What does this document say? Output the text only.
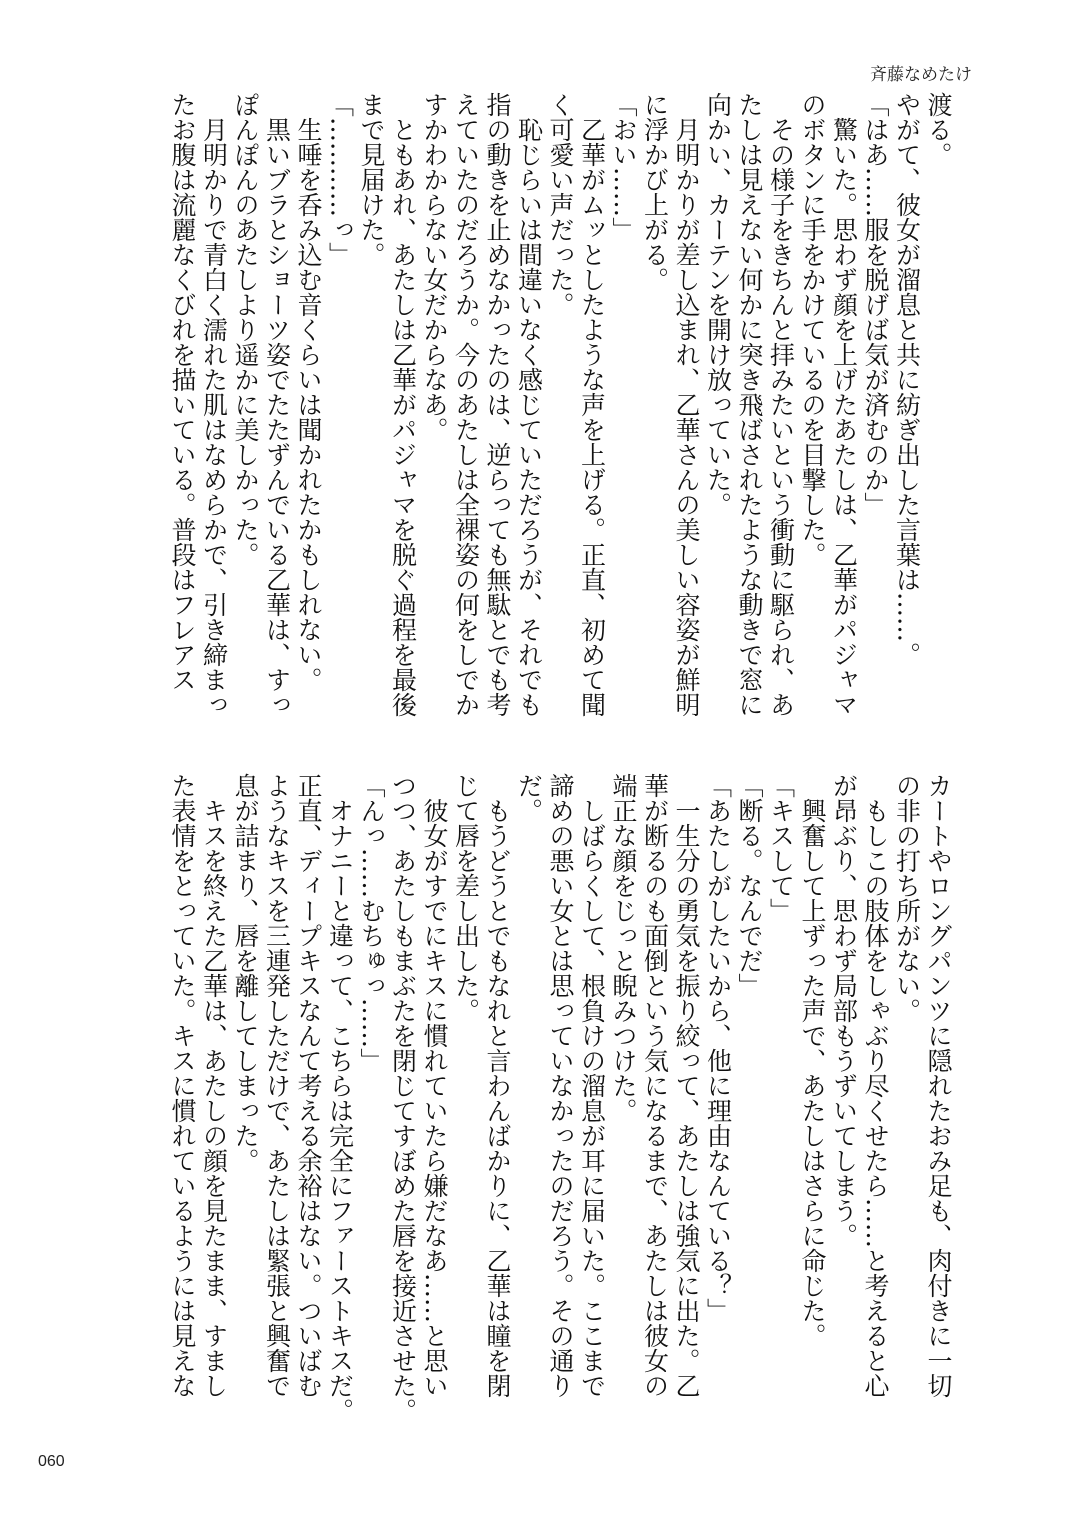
斉藤なめたけ
渡る。
やがて、彼女が溜息と共に紡ぎ出した言葉は……。
「はあ……服を脱げば気が済むのか」
　驚いた。思わず顔を上げたあたしは、乙華がパジャマ
のボタンに手をかけているのを目撃した。
　その様子をきちんと拝みたいという衝動に駆られ、あ
たしは見えない何かに突き飛ばされたような動きで窓に
向かい、カーテンを開け放っていた。
　月明かりが差し込まれ、乙華さんの美しい容姿が鮮明
に浮かび上がる。
「おい……」
　乙華がムッとしたような声を上げる。正直、初めて聞
く可愛い声だった。
　恥じらいは間違いなく感じていただろうが、それでも
指の動きを止めなかったのは、逆らっても無駄とでも考
えていたのだろうか。今のあたしは全裸姿の何をしでか
すかわからない女だからなあ。
　ともあれ、あたしは乙華がパジャマを脱ぐ過程を最後
まで見届けた。
「…………っ」
　生唾を呑み込む音くらいは聞かれたかもしれない。
　黒いブラとショーツ姿でたたずんでいる乙華は、すっ
ぽんぽんのあたしより遥かに美しかった。
　月明かりで青白く濡れた肌はなめらかで、引き締まっ
たお腹は流麗なくびれを描いている。普段はフレアス
カートやロングパンツに隠れたおみ足も、肉付きに一切
の非の打ち所がない。
　もしこの肢体をしゃぶり尽くせたら……と考えると心
が昂ぶり、思わず局部もうずいてしまう。
　興奮して上ずった声で、あたしはさらに命じた。
「キスして」
「断る。なんでだ」
「あたしがしたいから、他に理由なんている？」
　一生分の勇気を振り絞って、あたしは強気に出た。乙
華が断るのも面倒という気になるまで、あたしは彼女の
端正な顔をじっと睨みつけた。
　しばらくして、根負けの溜息が耳に届いた。ここまで
諦めの悪い女とは思っていなかったのだろう。その通り
だ。
　もうどうとでもなれと言わんばかりに、乙華は瞳を閉
じて唇を差し出した。
　彼女がすでにキスに慣れていたら嫌だなあ……と思い
つつ、あたしもまぶたを閉じてすぼめた唇を接近させた。
「んっ……むちゅっ……」
　オナニーと違って、こちらは完全にファーストキスだ。
正直、ディープキスなんて考える余裕はない。ついばむ
ようなキスを三連発しただけで、あたしは緊張と興奮で
息が詰まり、唇を離してしまった。
　キスを終えた乙華は、あたしの顔を見たまま、すまし
た表情をとっていた。キスに慣れているようには見えな
060
